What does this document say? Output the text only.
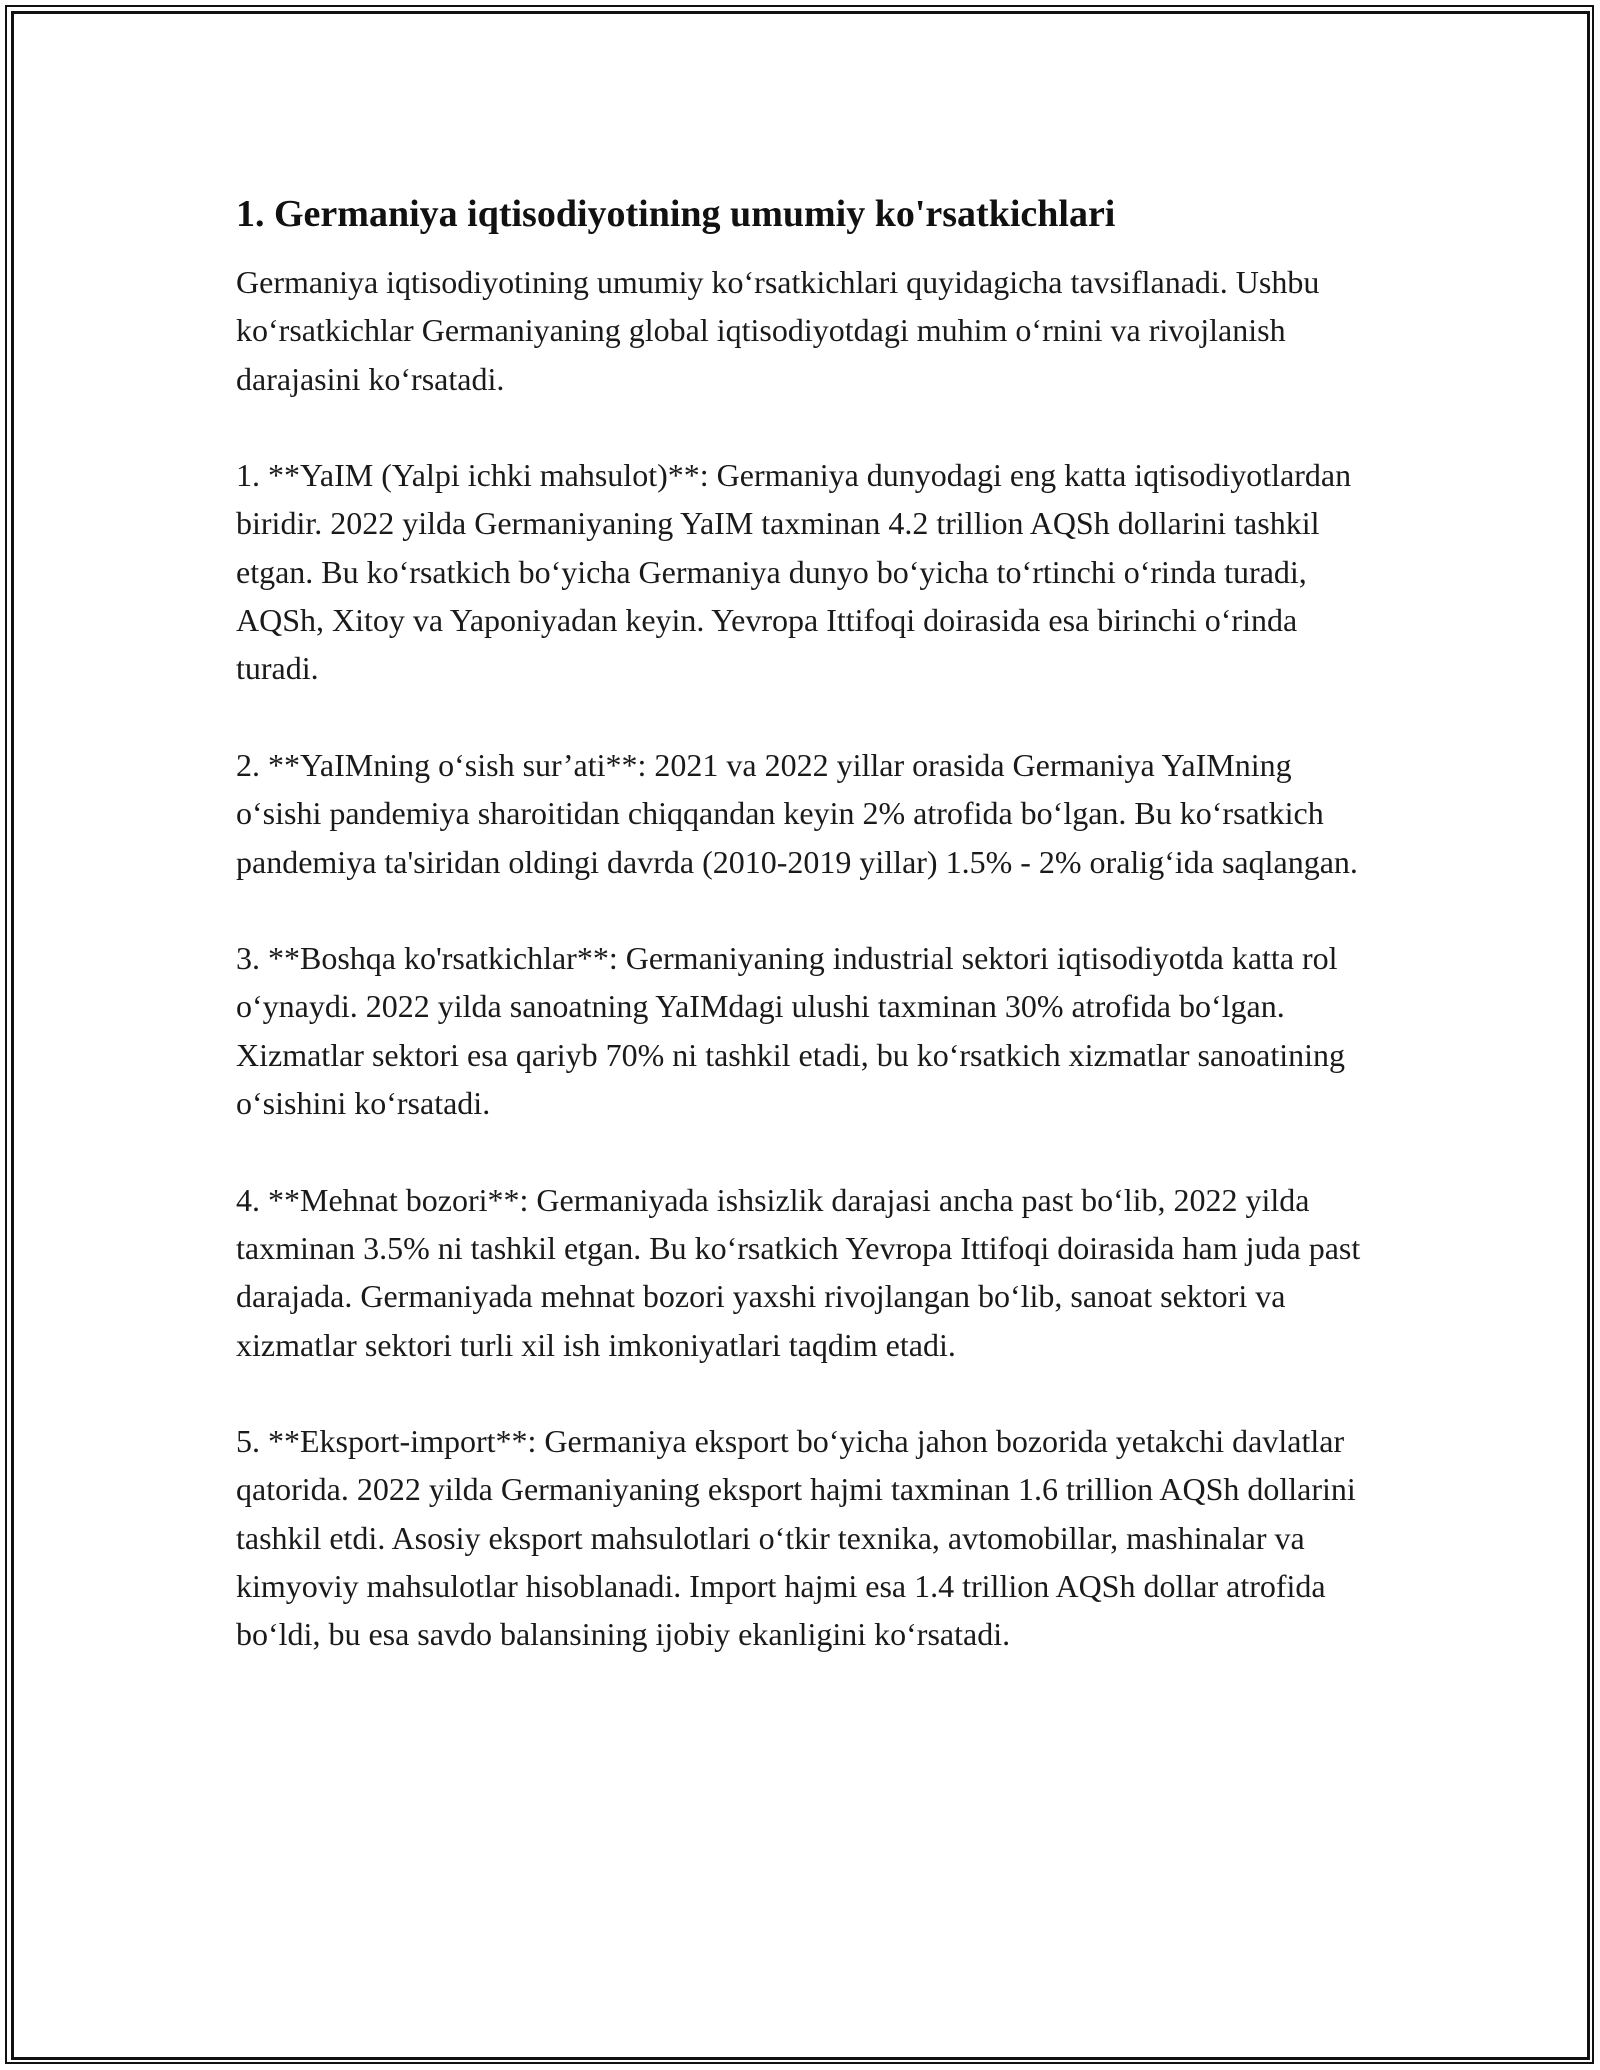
1. Germaniya iqtisodiyotining umumiy ko'rsatkichlari

Germaniya iqtisodiyotining umumiy koʻrsatkichlari quyidagicha tavsiflanadi. Ushbu koʻrsatkichlar Germaniyaning global iqtisodiyotdagi muhim oʻrnini va rivojlanish darajasini koʻrsatadi.

1. **YaIM (Yalpi ichki mahsulot)**: Germaniya dunyodagi eng katta iqtisodiyotlardan biridir. 2022 yilda Germaniyaning YaIM taxminan 4.2 trillion AQSh dollarini tashkil etgan. Bu koʻrsatkich boʻyicha Germaniya dunyo boʻyicha toʻrtinchi oʻrinda turadi, AQSh, Xitoy va Yaponiyadan keyin. Yevropa Ittifoqi doirasida esa birinchi oʻrinda turadi.

2. **YaIMning oʻsish sur’ati**: 2021 va 2022 yillar orasida Germaniya YaIMning oʻsishi pandemiya sharoitidan chiqqandan keyin 2% atrofida boʻlgan. Bu koʻrsatkich pandemiya ta'siridan oldingi davrda (2010-2019 yillar) 1.5% - 2% oraligʻida saqlangan.

3. **Boshqa ko'rsatkichlar**: Germaniyaning industrial sektori iqtisodiyotda katta rol oʻynaydi. 2022 yilda sanoatning YaIMdagi ulushi taxminan 30% atrofida boʻlgan. Xizmatlar sektori esa qariyb 70% ni tashkil etadi, bu koʻrsatkich xizmatlar sanoatining oʻsishini koʻrsatadi.

4. **Mehnat bozori**: Germaniyada ishsizlik darajasi ancha past boʻlib, 2022 yilda taxminan 3.5% ni tashkil etgan. Bu koʻrsatkich Yevropa Ittifoqi doirasida ham juda past darajada. Germaniyada mehnat bozori yaxshi rivojlangan boʻlib, sanoat sektori va xizmatlar sektori turli xil ish imkoniyatlari taqdim etadi.

5. **Eksport-import**: Germaniya eksport boʻyicha jahon bozorida yetakchi davlatlar qatorida. 2022 yilda Germaniyaning eksport hajmi taxminan 1.6 trillion AQSh dollarini tashkil etdi. Asosiy eksport mahsulotlari oʻtkir texnika, avtomobillar, mashinalar va kimyoviy mahsulotlar hisoblanadi. Import hajmi esa 1.4 trillion AQSh dollar atrofida boʻldi, bu esa savdo balansining ijobiy ekanligini koʻrsatadi.
